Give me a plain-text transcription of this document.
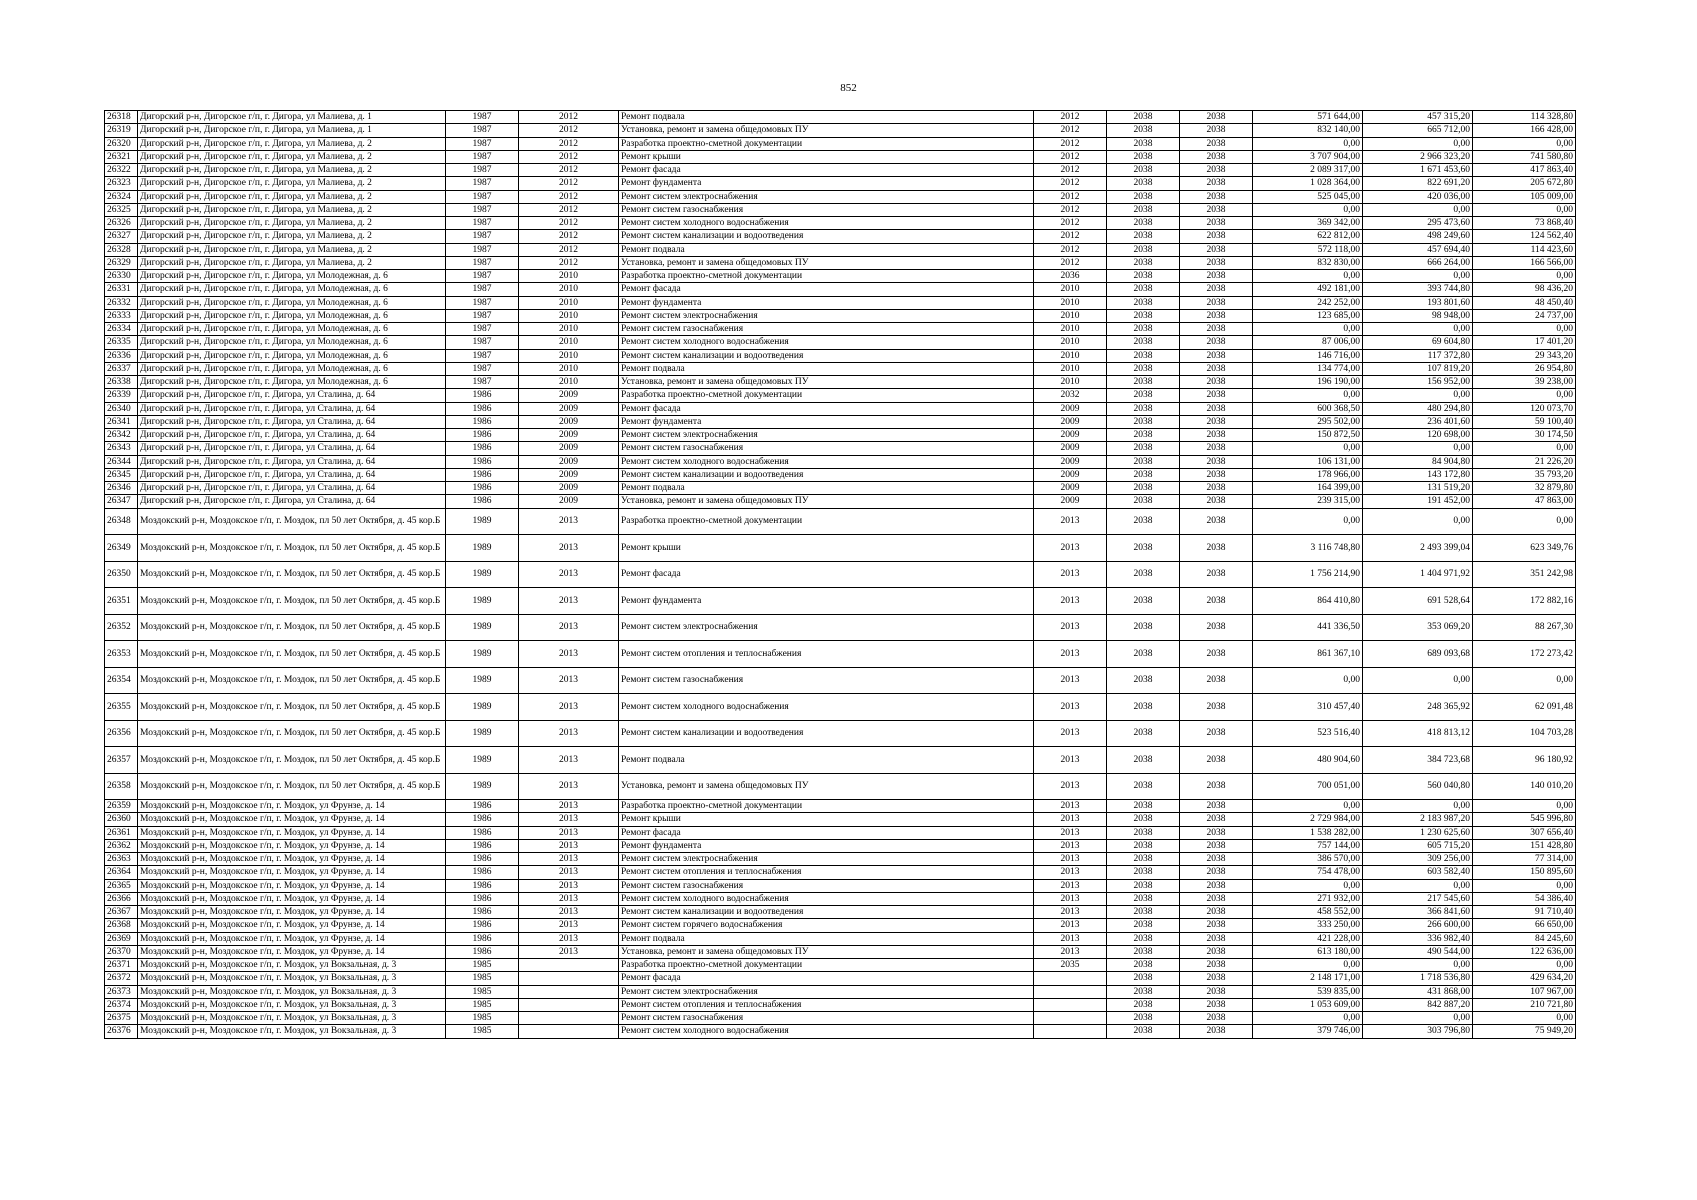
852
26318	Дигорский р-н, Дигорское г/п, г. Дигора, ул Малиева, д. 1	1987	2012	Ремонт подвала	2012	2038	2038	571 644,00	457 315,20	114 328,80
26319	Дигорский р-н, Дигорское г/п, г. Дигора, ул Малиева, д. 1	1987	2012	Установка, ремонт и замена общедомовых ПУ	2012	2038	2038	832 140,00	665 712,00	166 428,00
26320	Дигорский р-н, Дигорское г/п, г. Дигора, ул Малиева, д. 2	1987	2012	Разработка проектно-сметной документации	2012	2038	2038	0,00	0,00	0,00
26321	Дигорский р-н, Дигорское г/п, г. Дигора, ул Малиева, д. 2	1987	2012	Ремонт крыши	2012	2038	2038	3 707 904,00	2 966 323,20	741 580,80
26322	Дигорский р-н, Дигорское г/п, г. Дигора, ул Малиева, д. 2	1987	2012	Ремонт фасада	2012	2038	2038	2 089 317,00	1 671 453,60	417 863,40
26323	Дигорский р-н, Дигорское г/п, г. Дигора, ул Малиева, д. 2	1987	2012	Ремонт фундамента	2012	2038	2038	1 028 364,00	822 691,20	205 672,80
26324	Дигорский р-н, Дигорское г/п, г. Дигора, ул Малиева, д. 2	1987	2012	Ремонт систем электроснабжения	2012	2038	2038	525 045,00	420 036,00	105 009,00
26325	Дигорский р-н, Дигорское г/п, г. Дигора, ул Малиева, д. 2	1987	2012	Ремонт систем газоснабжения	2012	2038	2038	0,00	0,00	0,00
26326	Дигорский р-н, Дигорское г/п, г. Дигора, ул Малиева, д. 2	1987	2012	Ремонт систем холодного водоснабжения	2012	2038	2038	369 342,00	295 473,60	73 868,40
26327	Дигорский р-н, Дигорское г/п, г. Дигора, ул Малиева, д. 2	1987	2012	Ремонт систем канализации и водоотведения	2012	2038	2038	622 812,00	498 249,60	124 562,40
26328	Дигорский р-н, Дигорское г/п, г. Дигора, ул Малиева, д. 2	1987	2012	Ремонт подвала	2012	2038	2038	572 118,00	457 694,40	114 423,60
26329	Дигорский р-н, Дигорское г/п, г. Дигора, ул Малиева, д. 2	1987	2012	Установка, ремонт и замена общедомовых ПУ	2012	2038	2038	832 830,00	666 264,00	166 566,00
26330	Дигорский р-н, Дигорское г/п, г. Дигора, ул Молодежная, д. 6	1987	2010	Разработка проектно-сметной документации	2036	2038	2038	0,00	0,00	0,00
26331	Дигорский р-н, Дигорское г/п, г. Дигора, ул Молодежная, д. 6	1987	2010	Ремонт фасада	2010	2038	2038	492 181,00	393 744,80	98 436,20
26332	Дигорский р-н, Дигорское г/п, г. Дигора, ул Молодежная, д. 6	1987	2010	Ремонт фундамента	2010	2038	2038	242 252,00	193 801,60	48 450,40
26333	Дигорский р-н, Дигорское г/п, г. Дигора, ул Молодежная, д. 6	1987	2010	Ремонт систем электроснабжения	2010	2038	2038	123 685,00	98 948,00	24 737,00
26334	Дигорский р-н, Дигорское г/п, г. Дигора, ул Молодежная, д. 6	1987	2010	Ремонт систем газоснабжения	2010	2038	2038	0,00	0,00	0,00
26335	Дигорский р-н, Дигорское г/п, г. Дигора, ул Молодежная, д. 6	1987	2010	Ремонт систем холодного водоснабжения	2010	2038	2038	87 006,00	69 604,80	17 401,20
26336	Дигорский р-н, Дигорское г/п, г. Дигора, ул Молодежная, д. 6	1987	2010	Ремонт систем канализации и водоотведения	2010	2038	2038	146 716,00	117 372,80	29 343,20
26337	Дигорский р-н, Дигорское г/п, г. Дигора, ул Молодежная, д. 6	1987	2010	Ремонт подвала	2010	2038	2038	134 774,00	107 819,20	26 954,80
26338	Дигорский р-н, Дигорское г/п, г. Дигора, ул Молодежная, д. 6	1987	2010	Установка, ремонт и замена общедомовых ПУ	2010	2038	2038	196 190,00	156 952,00	39 238,00
26339	Дигорский р-н, Дигорское г/п, г. Дигора, ул Сталина, д. 64	1986	2009	Разработка проектно-сметной документации	2032	2038	2038	0,00	0,00	0,00
26340	Дигорский р-н, Дигорское г/п, г. Дигора, ул Сталина, д. 64	1986	2009	Ремонт фасада	2009	2038	2038	600 368,50	480 294,80	120 073,70
26341	Дигорский р-н, Дигорское г/п, г. Дигора, ул Сталина, д. 64	1986	2009	Ремонт фундамента	2009	2038	2038	295 502,00	236 401,60	59 100,40
26342	Дигорский р-н, Дигорское г/п, г. Дигора, ул Сталина, д. 64	1986	2009	Ремонт систем электроснабжения	2009	2038	2038	150 872,50	120 698,00	30 174,50
26343	Дигорский р-н, Дигорское г/п, г. Дигора, ул Сталина, д. 64	1986	2009	Ремонт систем газоснабжения	2009	2038	2038	0,00	0,00	0,00
26344	Дигорский р-н, Дигорское г/п, г. Дигора, ул Сталина, д. 64	1986	2009	Ремонт систем холодного водоснабжения	2009	2038	2038	106 131,00	84 904,80	21 226,20
26345	Дигорский р-н, Дигорское г/п, г. Дигора, ул Сталина, д. 64	1986	2009	Ремонт систем канализации и водоотведения	2009	2038	2038	178 966,00	143 172,80	35 793,20
26346	Дигорский р-н, Дигорское г/п, г. Дигора, ул Сталина, д. 64	1986	2009	Ремонт подвала	2009	2038	2038	164 399,00	131 519,20	32 879,80
26347	Дигорский р-н, Дигорское г/п, г. Дигора, ул Сталина, д. 64	1986	2009	Установка, ремонт и замена общедомовых ПУ	2009	2038	2038	239 315,00	191 452,00	47 863,00
26348	Моздокский р-н, Моздокское г/п, г. Моздок, пл 50 лет Октября, д. 45 кор.Б	1989	2013	Разработка проектно-сметной документации	2013	2038	2038	0,00	0,00	0,00
26349	Моздокский р-н, Моздокское г/п, г. Моздок, пл 50 лет Октября, д. 45 кор.Б	1989	2013	Ремонт крыши	2013	2038	2038	3 116 748,80	2 493 399,04	623 349,76
26350	Моздокский р-н, Моздокское г/п, г. Моздок, пл 50 лет Октября, д. 45 кор.Б	1989	2013	Ремонт фасада	2013	2038	2038	1 756 214,90	1 404 971,92	351 242,98
26351	Моздокский р-н, Моздокское г/п, г. Моздок, пл 50 лет Октября, д. 45 кор.Б	1989	2013	Ремонт фундамента	2013	2038	2038	864 410,80	691 528,64	172 882,16
26352	Моздокский р-н, Моздокское г/п, г. Моздок, пл 50 лет Октября, д. 45 кор.Б	1989	2013	Ремонт систем электроснабжения	2013	2038	2038	441 336,50	353 069,20	88 267,30
26353	Моздокский р-н, Моздокское г/п, г. Моздок, пл 50 лет Октября, д. 45 кор.Б	1989	2013	Ремонт систем отопления и теплоснабжения	2013	2038	2038	861 367,10	689 093,68	172 273,42
26354	Моздокский р-н, Моздокское г/п, г. Моздок, пл 50 лет Октября, д. 45 кор.Б	1989	2013	Ремонт систем газоснабжения	2013	2038	2038	0,00	0,00	0,00
26355	Моздокский р-н, Моздокское г/п, г. Моздок, пл 50 лет Октября, д. 45 кор.Б	1989	2013	Ремонт систем холодного водоснабжения	2013	2038	2038	310 457,40	248 365,92	62 091,48
26356	Моздокский р-н, Моздокское г/п, г. Моздок, пл 50 лет Октября, д. 45 кор.Б	1989	2013	Ремонт систем канализации и водоотведения	2013	2038	2038	523 516,40	418 813,12	104 703,28
26357	Моздокский р-н, Моздокское г/п, г. Моздок, пл 50 лет Октября, д. 45 кор.Б	1989	2013	Ремонт подвала	2013	2038	2038	480 904,60	384 723,68	96 180,92
26358	Моздокский р-н, Моздокское г/п, г. Моздок, пл 50 лет Октября, д. 45 кор.Б	1989	2013	Установка, ремонт и замена общедомовых ПУ	2013	2038	2038	700 051,00	560 040,80	140 010,20
26359	Моздокский р-н, Моздокское г/п, г. Моздок, ул Фрунзе, д. 14	1986	2013	Разработка проектно-сметной документации	2013	2038	2038	0,00	0,00	0,00
26360	Моздокский р-н, Моздокское г/п, г. Моздок, ул Фрунзе, д. 14	1986	2013	Ремонт крыши	2013	2038	2038	2 729 984,00	2 183 987,20	545 996,80
26361	Моздокский р-н, Моздокское г/п, г. Моздок, ул Фрунзе, д. 14	1986	2013	Ремонт фасада	2013	2038	2038	1 538 282,00	1 230 625,60	307 656,40
26362	Моздокский р-н, Моздокское г/п, г. Моздок, ул Фрунзе, д. 14	1986	2013	Ремонт фундамента	2013	2038	2038	757 144,00	605 715,20	151 428,80
26363	Моздокский р-н, Моздокское г/п, г. Моздок, ул Фрунзе, д. 14	1986	2013	Ремонт систем электроснабжения	2013	2038	2038	386 570,00	309 256,00	77 314,00
26364	Моздокский р-н, Моздокское г/п, г. Моздок, ул Фрунзе, д. 14	1986	2013	Ремонт систем отопления и теплоснабжения	2013	2038	2038	754 478,00	603 582,40	150 895,60
26365	Моздокский р-н, Моздокское г/п, г. Моздок, ул Фрунзе, д. 14	1986	2013	Ремонт систем газоснабжения	2013	2038	2038	0,00	0,00	0,00
26366	Моздокский р-н, Моздокское г/п, г. Моздок, ул Фрунзе, д. 14	1986	2013	Ремонт систем холодного водоснабжения	2013	2038	2038	271 932,00	217 545,60	54 386,40
26367	Моздокский р-н, Моздокское г/п, г. Моздок, ул Фрунзе, д. 14	1986	2013	Ремонт систем канализации и водоотведения	2013	2038	2038	458 552,00	366 841,60	91 710,40
26368	Моздокский р-н, Моздокское г/п, г. Моздок, ул Фрунзе, д. 14	1986	2013	Ремонт систем горячего водоснабжения	2013	2038	2038	333 250,00	266 600,00	66 650,00
26369	Моздокский р-н, Моздокское г/п, г. Моздок, ул Фрунзе, д. 14	1986	2013	Ремонт подвала	2013	2038	2038	421 228,00	336 982,40	84 245,60
26370	Моздокский р-н, Моздокское г/п, г. Моздок, ул Фрунзе, д. 14	1986	2013	Установка, ремонт и замена общедомовых ПУ	2013	2038	2038	613 180,00	490 544,00	122 636,00
26371	Моздокский р-н, Моздокское г/п, г. Моздок, ул Вокзальная, д. 3	1985		Разработка проектно-сметной документации	2035	2038	2038	0,00	0,00	0,00
26372	Моздокский р-н, Моздокское г/п, г. Моздок, ул Вокзальная, д. 3	1985		Ремонт фасада		2038	2038	2 148 171,00	1 718 536,80	429 634,20
26373	Моздокский р-н, Моздокское г/п, г. Моздок, ул Вокзальная, д. 3	1985		Ремонт систем электроснабжения		2038	2038	539 835,00	431 868,00	107 967,00
26374	Моздокский р-н, Моздокское г/п, г. Моздок, ул Вокзальная, д. 3	1985		Ремонт систем отопления и теплоснабжения		2038	2038	1 053 609,00	842 887,20	210 721,80
26375	Моздокский р-н, Моздокское г/п, г. Моздок, ул Вокзальная, д. 3	1985		Ремонт систем газоснабжения		2038	2038	0,00	0,00	0,00
26376	Моздокский р-н, Моздокское г/п, г. Моздок, ул Вокзальная, д. 3	1985		Ремонт систем холодного водоснабжения		2038	2038	379 746,00	303 796,80	75 949,20
